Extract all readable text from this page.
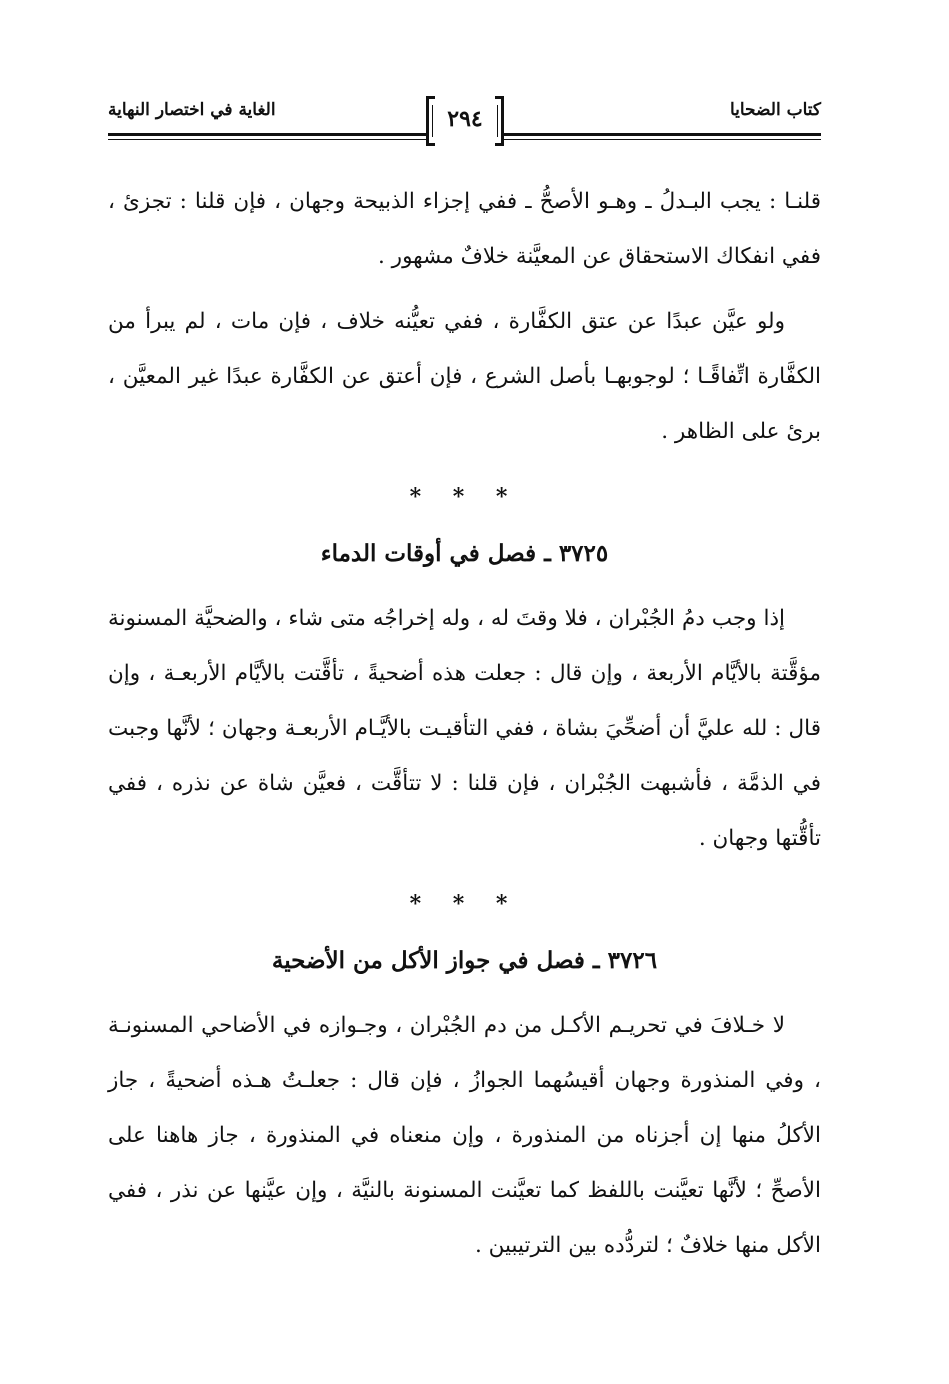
كتاب الضحايا
الغاية في اختصار النهاية	٢٩٤

قلنـا : يجب البـدلُ ـ وهـو الأصحُّ ـ ففي إجزاء الذبيحة وجهان ، فإن قلنا : تجزئ ، ففي انفكاك الاستحقاق عن المعيَّنة خلافٌ مشهور .

ولو عيَّن عبدًا عن عتق الكفَّارة ، ففي تعيُّنه خلاف ، فإن مات ، لم يبرأ من الكفَّارة اتِّفاقًـا ؛ لوجوبهـا بأصل الشرع ، فإن أعتق عن الكفَّارة عبدًا غير المعيَّن ، برئ على الظاهر .

* * *
٣٧٢٥ ـ فصل في أوقات الدماء

إذا وجب دمُ الجُبْران ، فلا وقتَ له ، وله إخراجُه متى شاء ، والضحيَّة المسنونة مؤقَّتة بالأيَّام الأربعة ، وإن قال : جعلت هذه أضحيةً ، تأقَّتت بالأيَّام الأربعـة ، وإن قال : لله عليَّ أن أضحِّيَ بشاة ، ففي التأقيـت بالأيَّـام الأربعـة وجهان ؛ لأنَّها وجبت في الذمَّة ، فأشبهت الجُبْران ، فإن قلنا : لا تتأقَّت ، فعيَّن شاة عن نذره ، ففي تأقُّتها وجهان .

* * *
٣٧٢٦ ـ فصل في جواز الأكل من الأضحية

لا خـلافَ في تحريـم الأكـل من دم الجُبْران ، وجـوازه في الأضاحي المسنونـة ، وفي المنذورة وجهان أقيسُهما الجوازُ ، فإن قال : جعلـتُ هـذه أضحيةً ، جاز الأكلُ منها إن أجزناه من المنذورة ، وإن منعناه في المنذورة ، جاز هاهنا على الأصحِّ ؛ لأنَّها تعيَّنت باللفظ كما تعيَّنت المسنونة بالنيَّة ، وإن عيَّنها عن نذر ، ففي الأكل منها خلافٌ ؛ لتردُّده بين الترتيبين .
